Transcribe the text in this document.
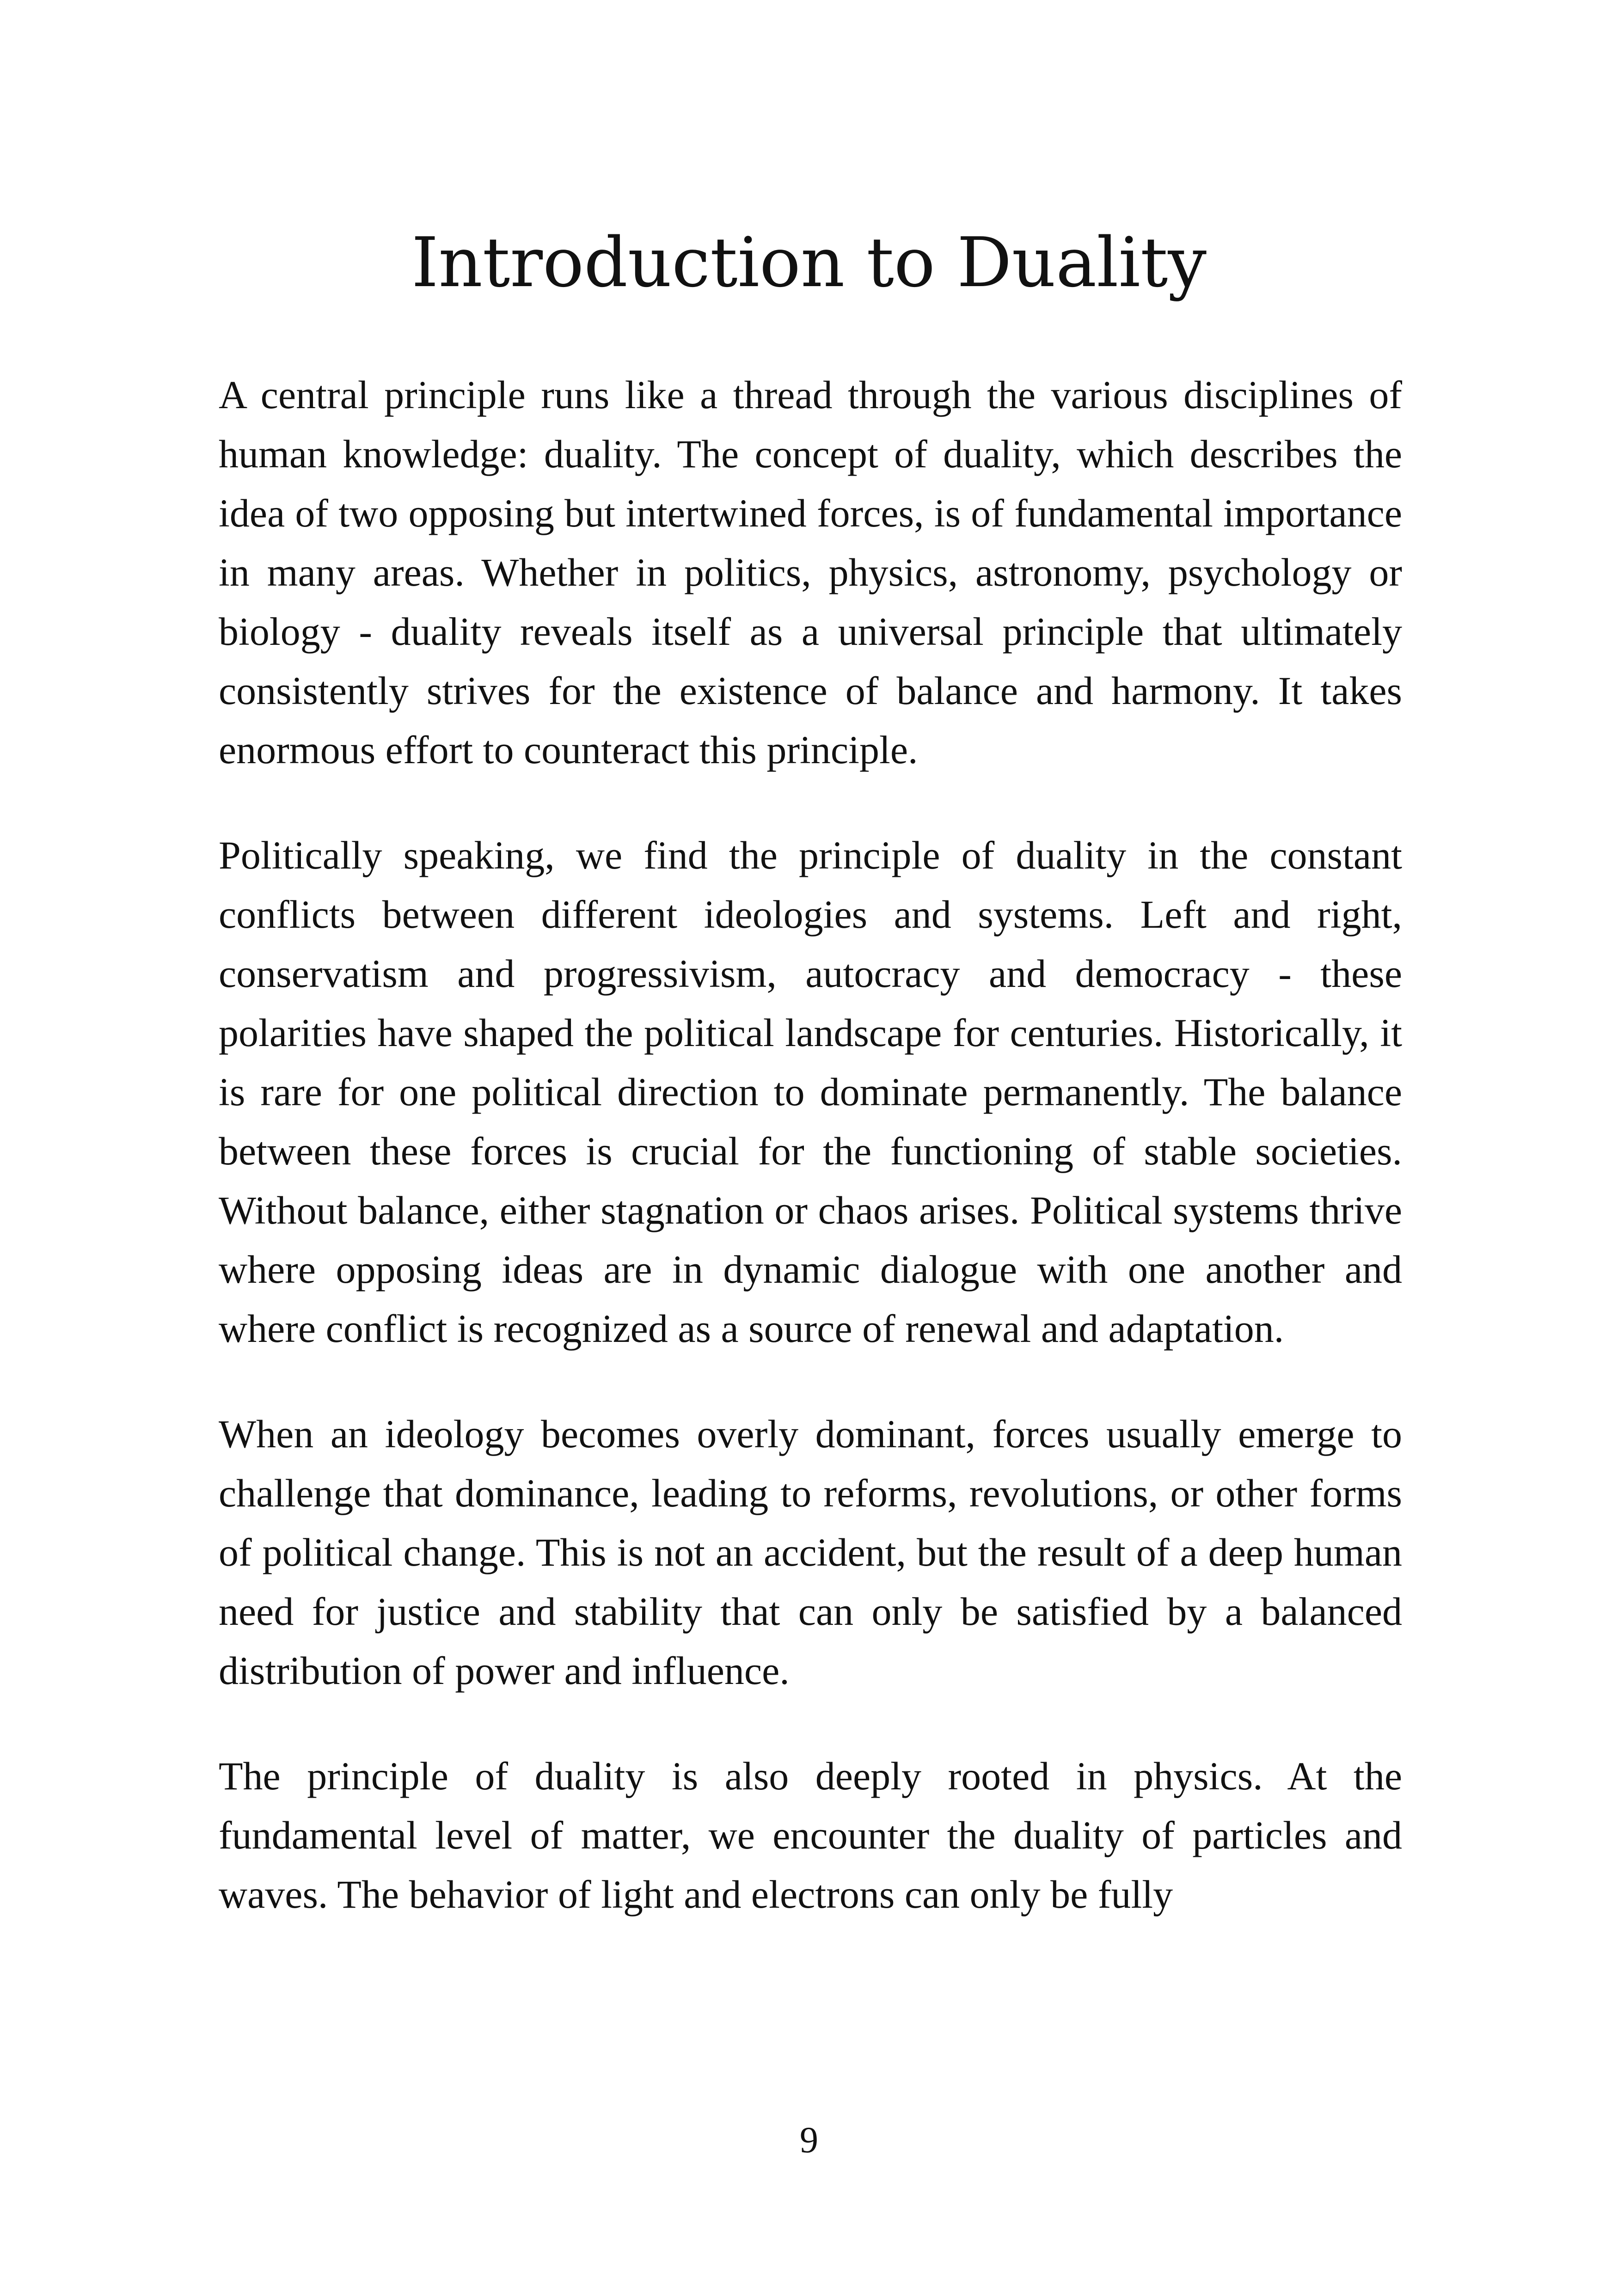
Introduction to Duality

A central principle runs like a thread through the various disciplines of human knowledge: duality. The concept of duality, which describes the idea of two opposing but intertwined forces, is of fundamental importance in many areas. Whether in politics, physics, astronomy, psychology or biology - duality reveals itself as a universal principle that ultimately consistently strives for the existence of balance and harmony. It takes enormous effort to counteract this principle.

Politically speaking, we find the principle of duality in the constant conflicts between different ideologies and systems. Left and right, conservatism and progressivism, autocracy and democracy - these polarities have shaped the political landscape for centuries. Historically, it is rare for one political direction to dominate permanently. The balance between these forces is crucial for the functioning of stable societies. Without balance, either stagnation or chaos arises. Political systems thrive where opposing ideas are in dynamic dialogue with one another and where conflict is recognized as a source of renewal and adaptation.

When an ideology becomes overly dominant, forces usually emerge to challenge that dominance, leading to reforms, revolutions, or other forms of political change. This is not an accident, but the result of a deep human need for justice and stability that can only be satisfied by a balanced distribution of power and influence.

The principle of duality is also deeply rooted in physics. At the fundamental level of matter, we encounter the duality of particles and waves. The behavior of light and electrons can only be fully

9
